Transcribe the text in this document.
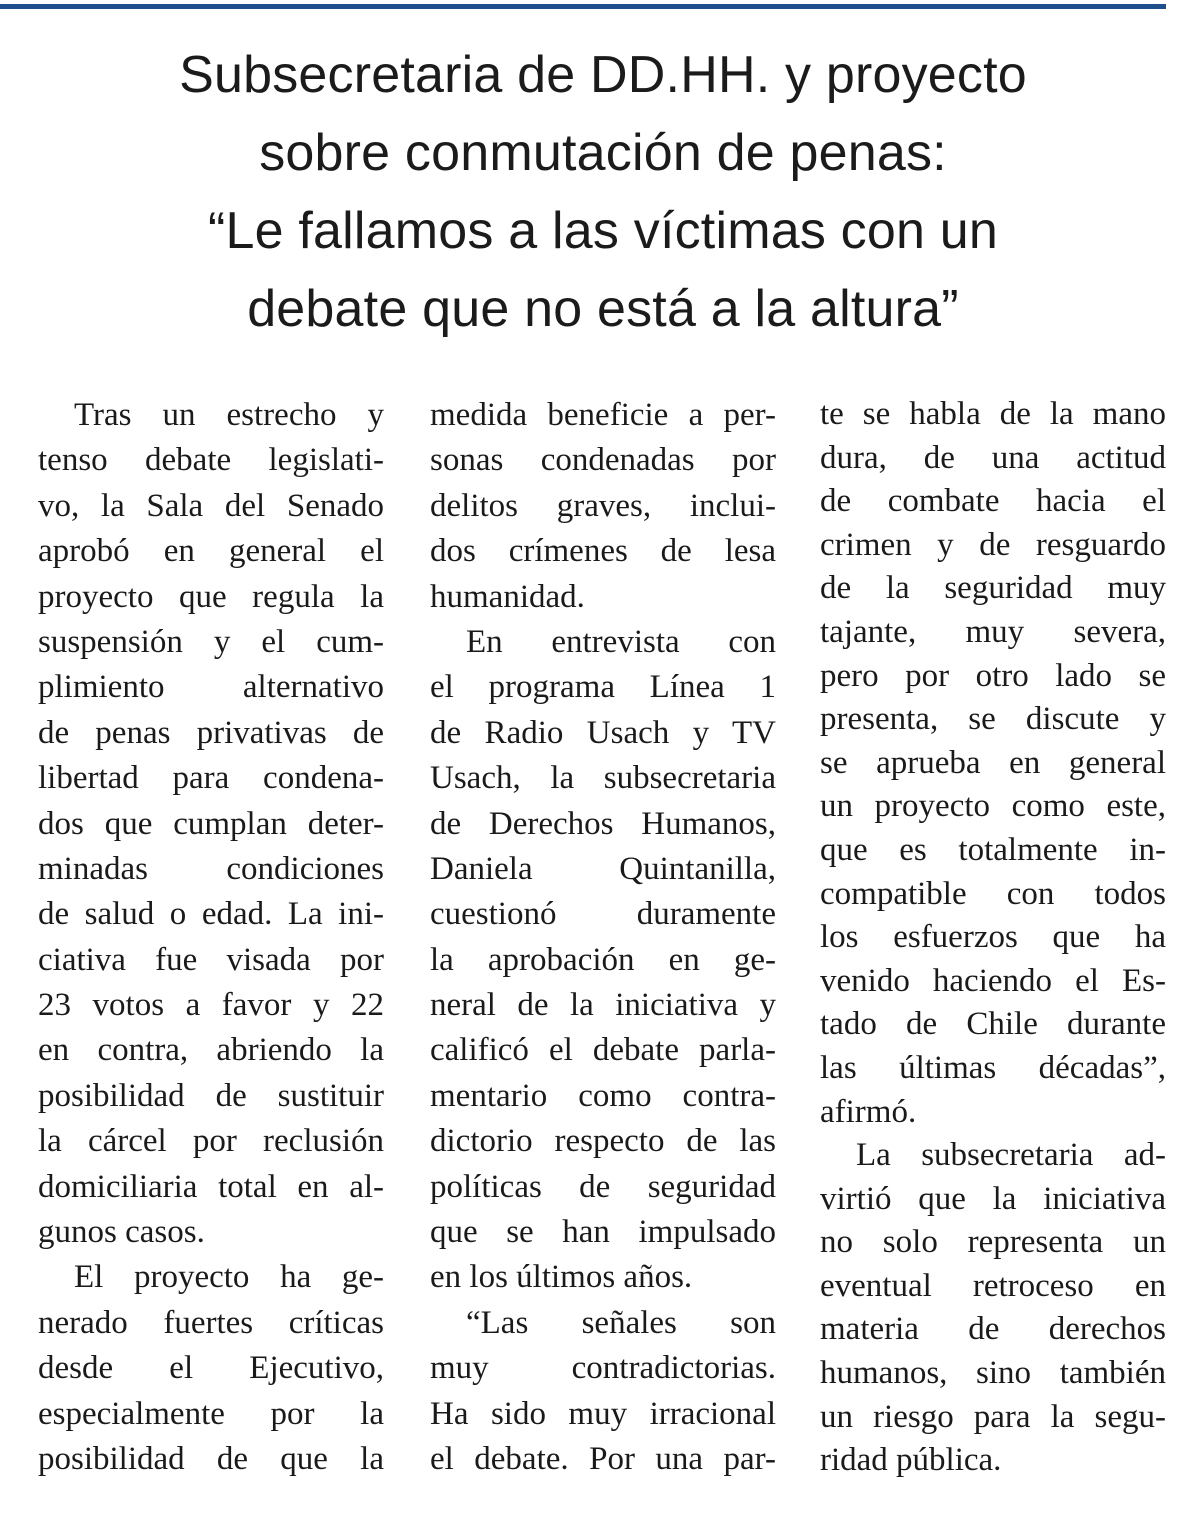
Subsecretaria de DD.HH. y proyecto
sobre conmutación de penas:
“Le fallamos a las víctimas con un
debate que no está a la altura”
Tras un estrecho y
tenso debate legislati-
vo, la Sala del Senado
aprobó en general el
proyecto que regula la
suspensión y el cum-
plimiento alternativo
de penas privativas de
libertad para condena-
dos que cumplan deter-
minadas condiciones
de salud o edad. La ini-
ciativa fue visada por
23 votos a favor y 22
en contra, abriendo la
posibilidad de sustituir
la cárcel por reclusión
domiciliaria total en al-
gunos casos.
El proyecto ha ge-
nerado fuertes críticas
desde el Ejecutivo,
especialmente por la
posibilidad de que la
medida beneficie a per-
sonas condenadas por
delitos graves, inclui-
dos crímenes de lesa
humanidad.
En entrevista con
el programa Línea 1
de Radio Usach y TV
Usach, la subsecretaria
de Derechos Humanos,
Daniela Quintanilla,
cuestionó duramente
la aprobación en ge-
neral de la iniciativa y
calificó el debate parla-
mentario como contra-
dictorio respecto de las
políticas de seguridad
que se han impulsado
en los últimos años.
“Las señales son
muy contradictorias.
Ha sido muy irracional
el debate. Por una par-
te se habla de la mano
dura, de una actitud
de combate hacia el
crimen y de resguardo
de la seguridad muy
tajante, muy severa,
pero por otro lado se
presenta, se discute y
se aprueba en general
un proyecto como este,
que es totalmente in-
compatible con todos
los esfuerzos que ha
venido haciendo el Es-
tado de Chile durante
las últimas décadas”,
afirmó.
La subsecretaria ad-
virtió que la iniciativa
no solo representa un
eventual retroceso en
materia de derechos
humanos, sino también
un riesgo para la segu-
ridad pública.
